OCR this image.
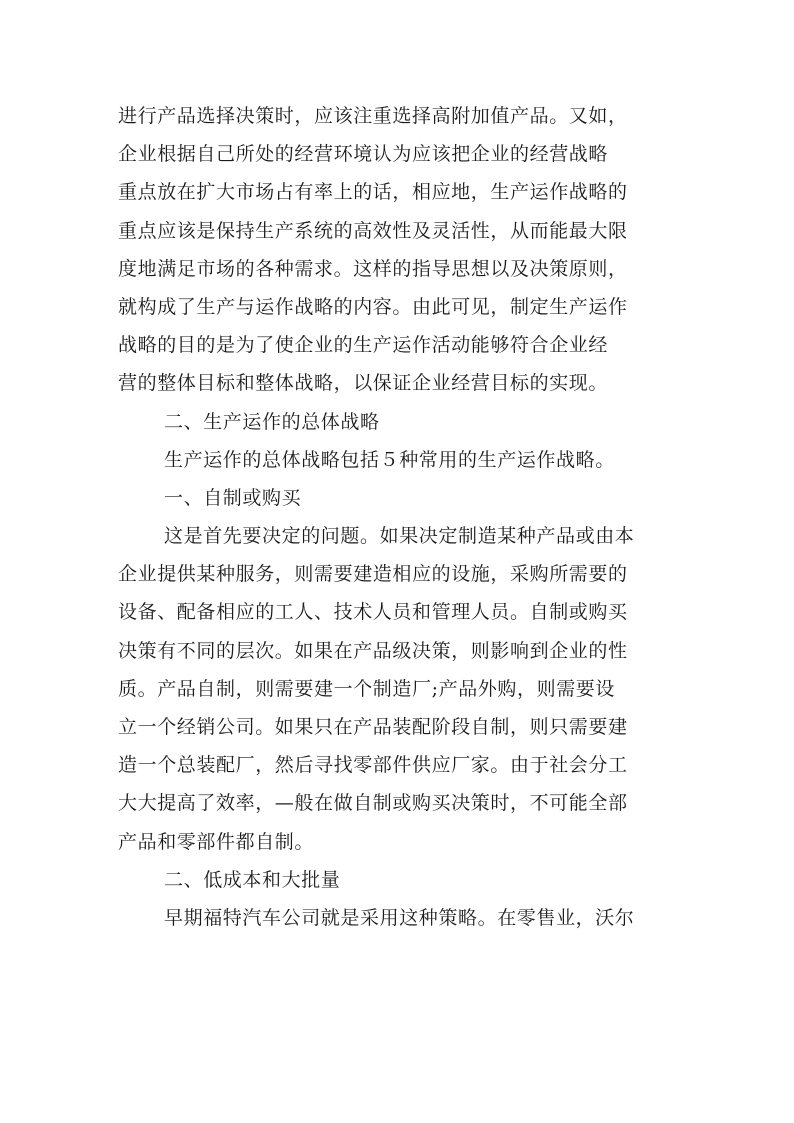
进行产品选择决策时，应该注重选择高附加值产品。又如，
企业根据自己所处的经营环境认为应该把企业的经营战略
重点放在扩大市场占有率上的话，相应地，生产运作战略的
重点应该是保持生产系统的高效性及灵活性，从而能最大限
度地满足市场的各种需求。这样的指导思想以及决策原则，
就构成了生产与运作战略的内容。由此可见，制定生产运作
战略的目的是为了使企业的生产运作活动能够符合企业经
营的整体目标和整体战略，以保证企业经营目标的实现。
二、生产运作的总体战略
生产运作的总体战略包括５种常用的生产运作战略。
一、自制或购买
这是首先要决定的问题。如果决定制造某种产品或由本
企业提供某种服务，则需要建造相应的设施，采购所需要的
设备、配备相应的工人、技术人员和管理人员。自制或购买
决策有不同的层次。如果在产品级决策，则影响到企业的性
质。产品自制，则需要建一个制造厂;产品外购，则需要设
立一个经销公司。如果只在产品装配阶段自制，则只需要建
造一个总装配厂，然后寻找零部件供应厂家。由于社会分工
大大提高了效率，—般在做自制或购买决策时，不可能全部
产品和零部件都自制。
二、低成本和大批量
早期福特汽车公司就是采用这种策略。在零售业，沃尔
